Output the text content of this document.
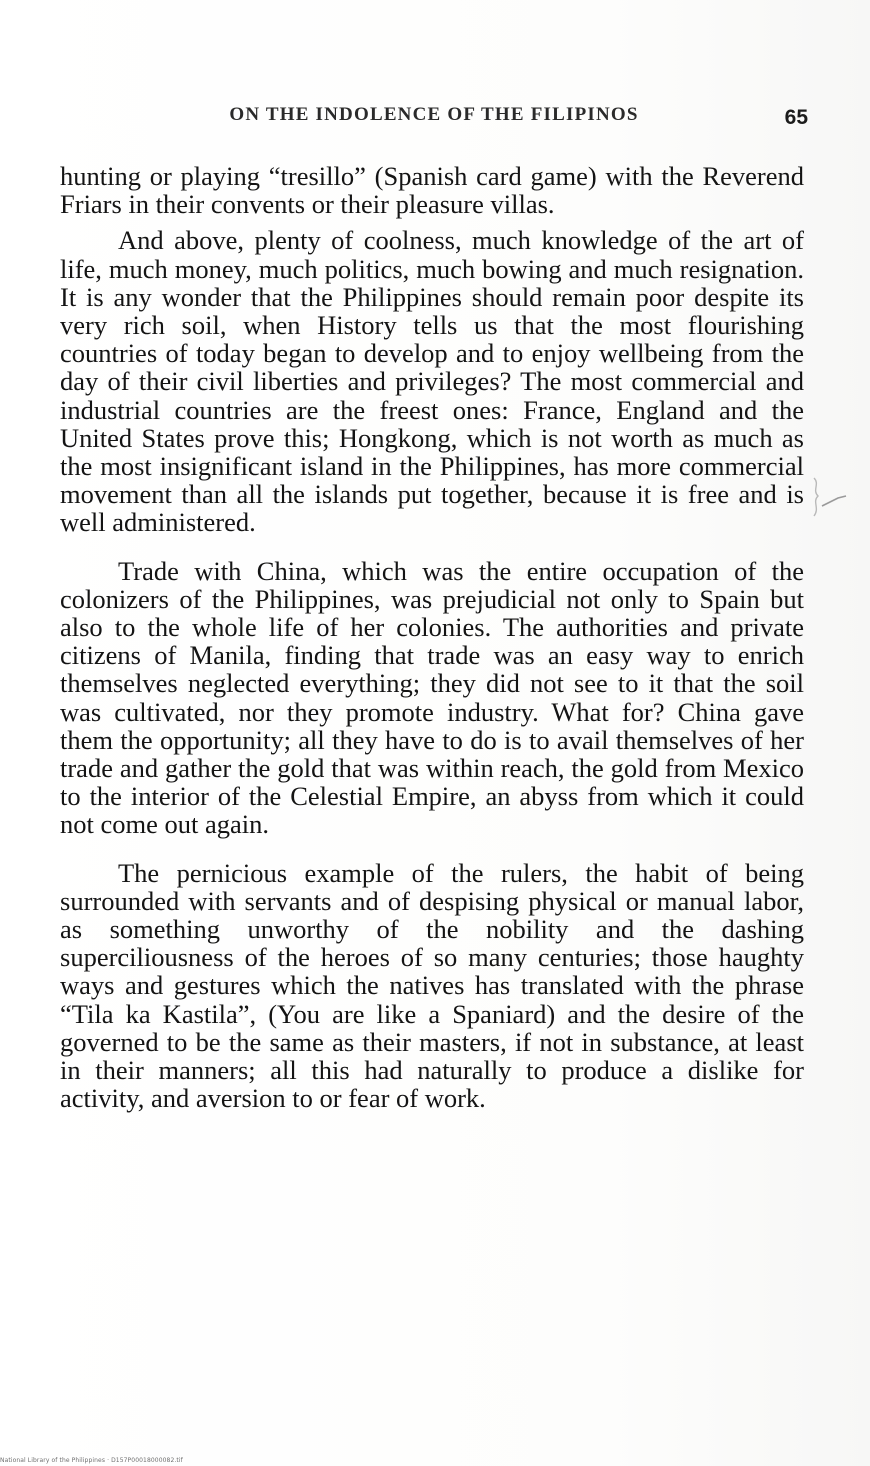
ON THE INDOLENCE OF THE FILIPINOS	65

hunting or playing “tresillo” (Spanish card game) with the Reverend Friars in their convents or their pleasure villas.

And above, plenty of coolness, much knowledge of the art of life, much money, much politics, much bowing and much resignation. It is any wonder that the Philippines should remain poor despite its very rich soil, when History tells us that the most flourishing countries of today began to develop and to enjoy wellbeing from the day of their civil liberties and privileges? The most commercial and industrial countries are the freest ones: France, England and the United States prove this; Hongkong, which is not worth as much as the most insignificant island in the Philippines, has more commercial movement than all the islands put together, because it is free and is well administered.

Trade with China, which was the entire occupation of the colonizers of the Philippines, was prejudicial not only to Spain but also to the whole life of her colonies. The authorities and private citizens of Manila, finding that trade was an easy way to enrich themselves neglected everything; they did not see to it that the soil was cultivated, nor they promote industry. What for? China gave them the opportunity; all they have to do is to avail themselves of her trade and gather the gold that was within reach, the gold from Mexico to the interior of the Celestial Empire, an abyss from which it could not come out again.

The pernicious example of the rulers, the habit of being surrounded with servants and of despising physical or manual labor, as something unworthy of the nobility and the dashing superciliousness of the heroes of so many centuries; those haughty ways and gestures which the natives has translated with the phrase “Tila ka Kastila”, (You are like a Spaniard) and the desire of the governed to be the same as their masters, if not in substance, at least in their manners; all this had naturally to produce a dislike for activity, and aversion to or fear of work.

National Library of the Philippines · D157P00018000082.tif
